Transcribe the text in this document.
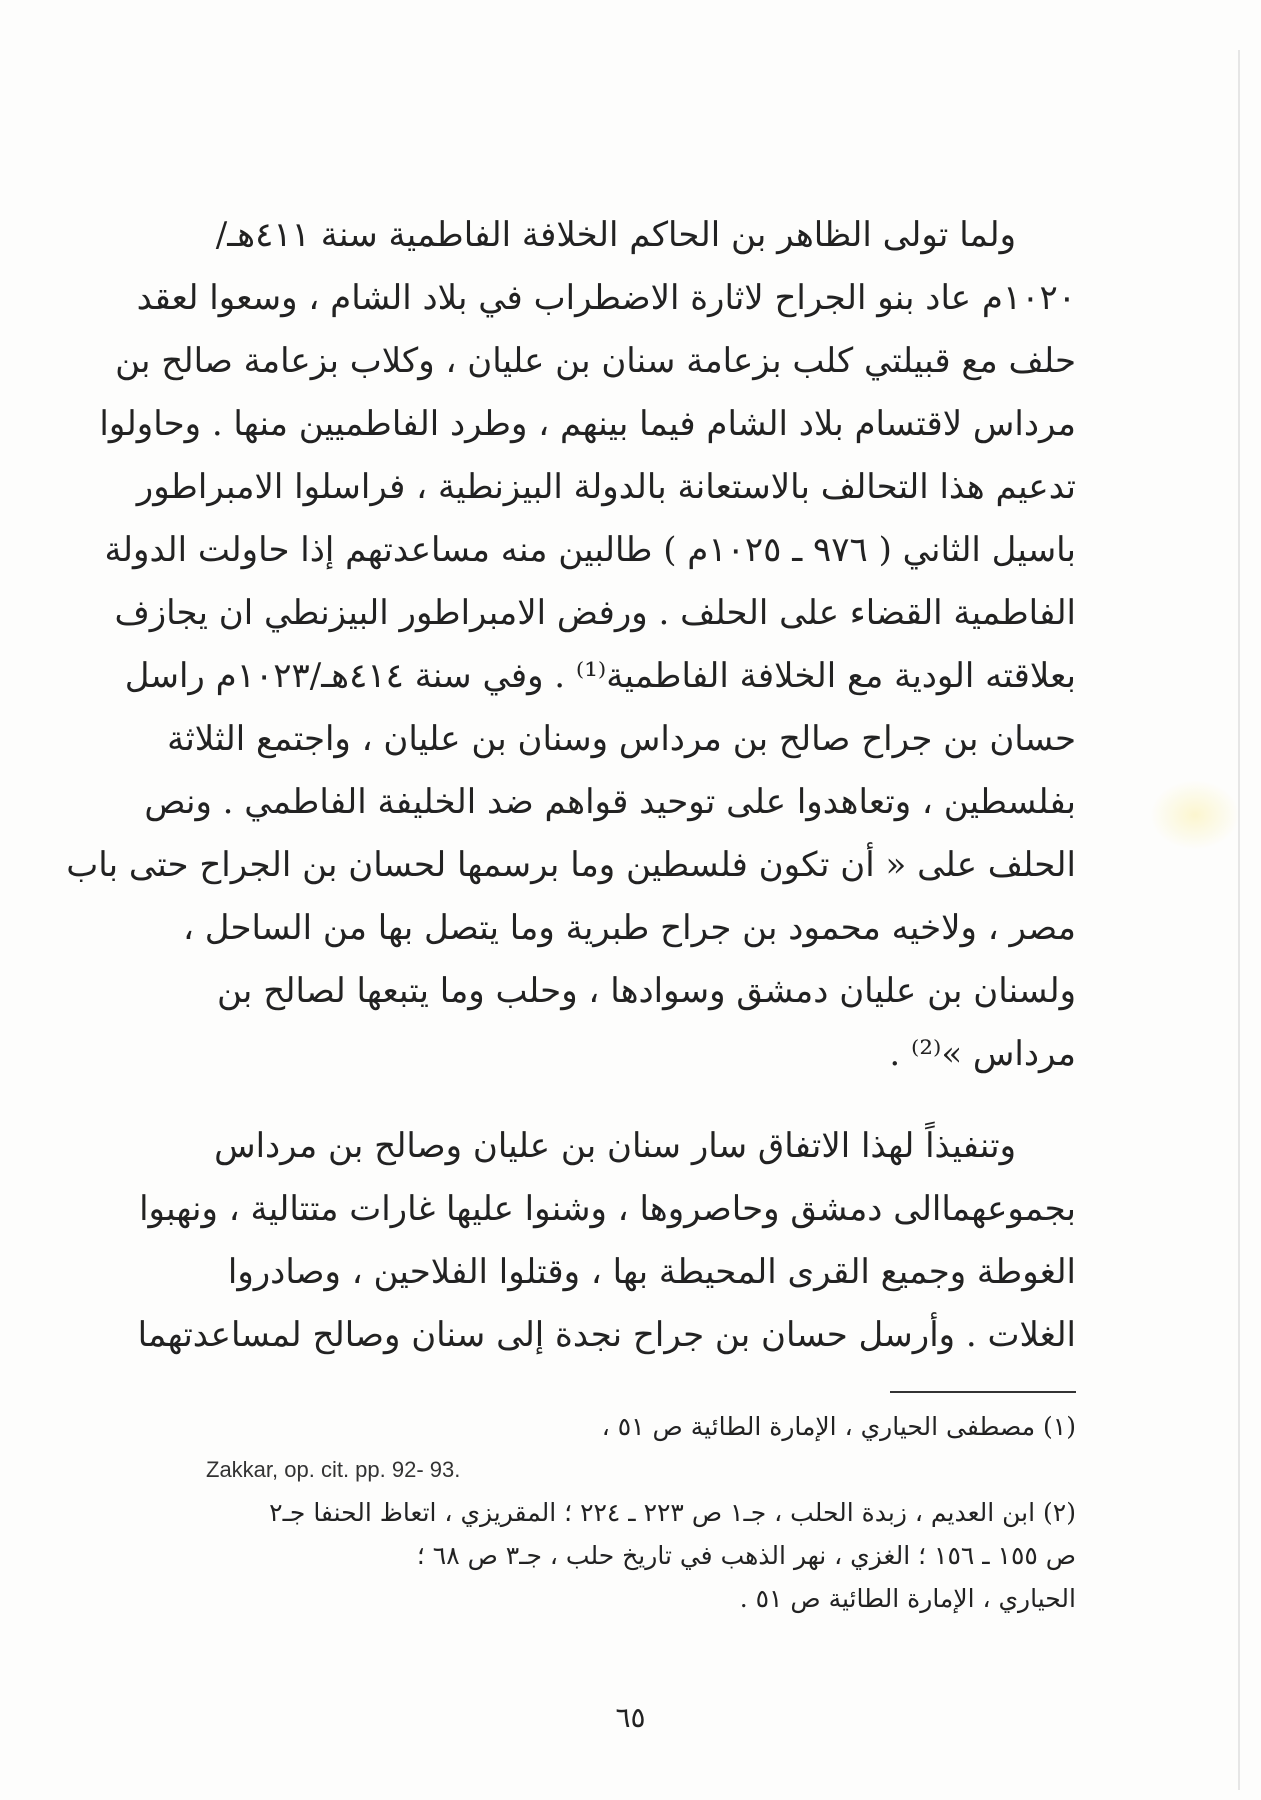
ولما تولى الظاهر بن الحاكم الخلافة الفاطمية سنة ٤١١هـ/
١٠٢٠م عاد بنو الجراح لاثارة الاضطراب في بلاد الشام ، وسعوا لعقد
حلف مع قبيلتي كلب بزعامة سنان بن عليان ، وكلاب بزعامة صالح بن
مرداس لاقتسام بلاد الشام فيما بينهم ، وطرد الفاطميين منها . وحاولوا
تدعيم هذا التحالف بالاستعانة بالدولة البيزنطية ، فراسلوا الامبراطور
باسيل الثاني ( ٩٧٦ ـ ١٠٢٥م ) طالبين منه مساعدتهم إذا حاولت الدولة
الفاطمية القضاء على الحلف . ورفض الامبراطور البيزنطي ان يجازف
بعلاقته الودية مع الخلافة الفاطمية⁽¹⁾ . وفي سنة ٤١٤هـ/١٠٢٣م راسل
حسان بن جراح صالح بن مرداس وسنان بن عليان ، واجتمع الثلاثة
بفلسطين ، وتعاهدوا على توحيد قواهم ضد الخليفة الفاطمي . ونص
الحلف على « أن تكون فلسطين وما برسمها لحسان بن الجراح حتى باب
مصر ، ولاخيه محمود بن جراح طبرية وما يتصل بها من الساحل ،
ولسنان بن عليان دمشق وسوادها ، وحلب وما يتبعها لصالح بن
مرداس »⁽²⁾ .
وتنفيذاً لهذا الاتفاق سار سنان بن عليان وصالح بن مرداس
بجموعهماالى دمشق وحاصروها ، وشنوا عليها غارات متتالية ، ونهبوا
الغوطة وجميع القرى المحيطة بها ، وقتلوا الفلاحين ، وصادروا
الغلات . وأرسل حسان بن جراح نجدة إلى سنان وصالح لمساعدتهما
(١) مصطفى الحياري ، الإمارة الطائية ص ٥١ ،
Zakkar, op. cit. pp. 92- 93.
(٢) ابن العديم ، زبدة الحلب ، جـ١ ص ٢٢٣ ـ ٢٢٤ ؛ المقريزي ، اتعاظ الحنفا جـ٢
ص ١٥٥ ـ ١٥٦ ؛ الغزي ، نهر الذهب في تاريخ حلب ، جـ٣ ص ٦٨ ؛
الحياري ، الإمارة الطائية ص ٥١ .
٦٥
